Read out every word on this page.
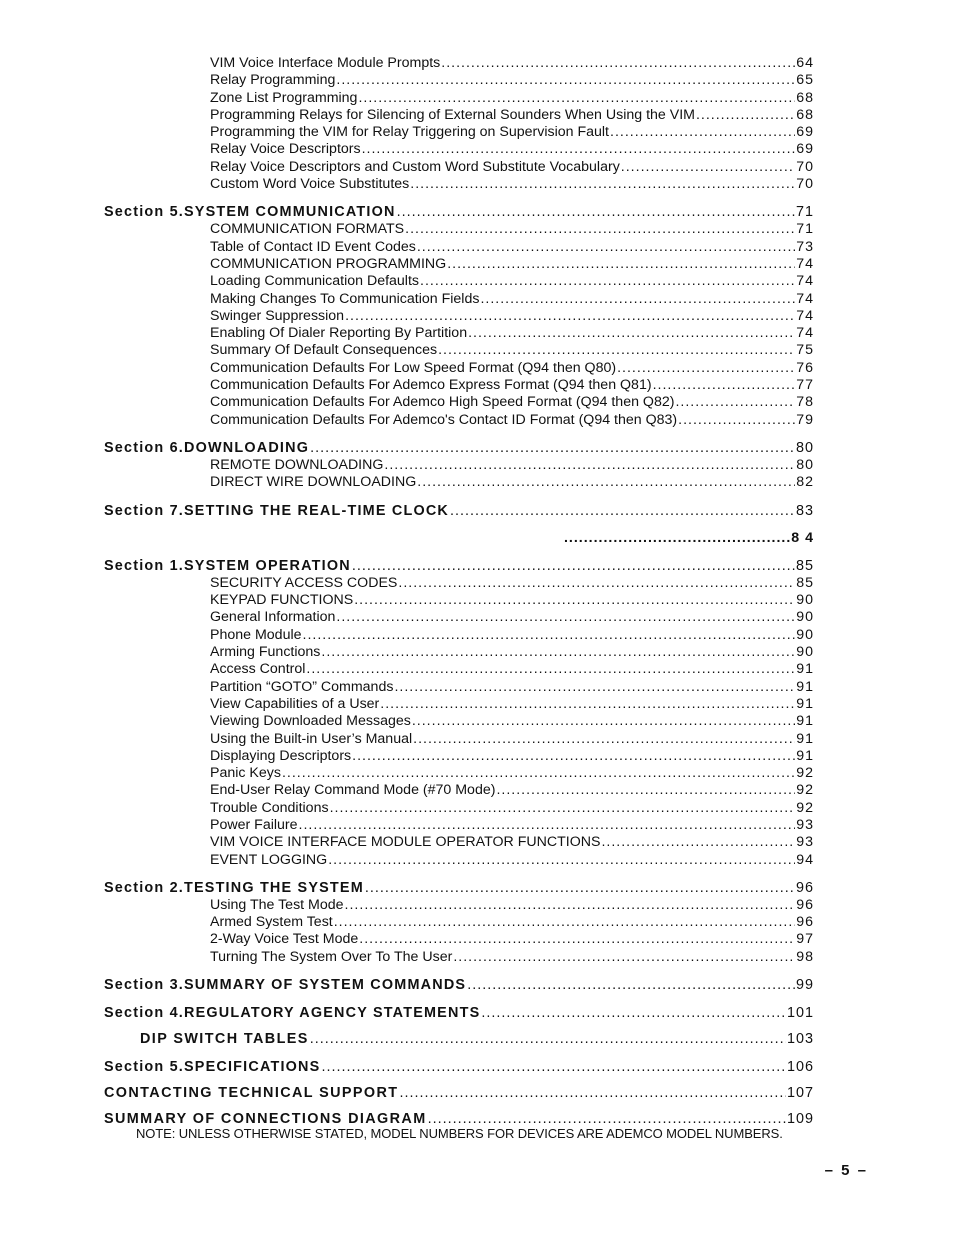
VIM Voice Interface Module Prompts .....	64
Relay Programming .....	65
Zone List Programming .....	68
Programming Relays for Silencing of External Sounders When Using the VIM .....	68
Programming the VIM for Relay Triggering on Supervision Fault .....	69
Relay Voice Descriptors .....	69
Relay Voice Descriptors and Custom Word Substitute Vocabulary .....	70
Custom Word Voice Substitutes .....	70
Section 5. SYSTEM COMMUNICATION .....	71
COMMUNICATION FORMATS .....	71
Table of Contact ID Event Codes .....	73
COMMUNICATION PROGRAMMING .....	74
Loading Communication Defaults .....	74
Making Changes To Communication Fields .....	74
Swinger Suppression .....	74
Enabling Of Dialer Reporting By Partition .....	74
Summary Of Default Consequences .....	75
Communication Defaults For Low Speed Format (Q94 then Q80) .....	76
Communication Defaults For Ademco Express Format (Q94 then Q81) .....	77
Communication Defaults For Ademco High Speed Format (Q94 then Q82) .....	78
Communication Defaults For Ademco's Contact ID Format (Q94 then Q83) .....	79
Section 6. DOWNLOADING .....	80
REMOTE DOWNLOADING .....	80
DIRECT WIRE DOWNLOADING .....	82
Section 7. SETTING THE REAL-TIME CLOCK .....	83
..............................................8 4
Section 1. SYSTEM OPERATION .....	85
SECURITY ACCESS CODES .....	85
KEYPAD FUNCTIONS .....	90
General Information .....	90
Phone Module .....	90
Arming Functions .....	90
Access Control .....	91
Partition “GOTO” Commands .....	91
View Capabilities of a User .....	91
Viewing Downloaded Messages .....	91
Using the Built-in User’s Manual .....	91
Displaying Descriptors .....	91
Panic Keys .....	92
End-User Relay Command Mode (#70 Mode) .....	92
Trouble Conditions .....	92
Power Failure .....	93
VIM VOICE INTERFACE MODULE OPERATOR FUNCTIONS .....	93
EVENT LOGGING .....	94
Section 2. TESTING THE SYSTEM .....	96
Using The Test Mode .....	96
Armed System Test .....	96
2-Way Voice Test Mode .....	97
Turning The System Over To The User .....	98
Section 3. SUMMARY OF SYSTEM COMMANDS .....	99
Section 4. REGULATORY AGENCY STATEMENTS .....	101
DIP SWITCH TABLES .....	103
Section 5. SPECIFICATIONS .....	106
CONTACTING TECHNICAL SUPPORT .....	107
SUMMARY OF CONNECTIONS DIAGRAM .....	109
NOTE: UNLESS OTHERWISE STATED, MODEL NUMBERS FOR DEVICES ARE ADEMCO MODEL NUMBERS.
– 5 –
